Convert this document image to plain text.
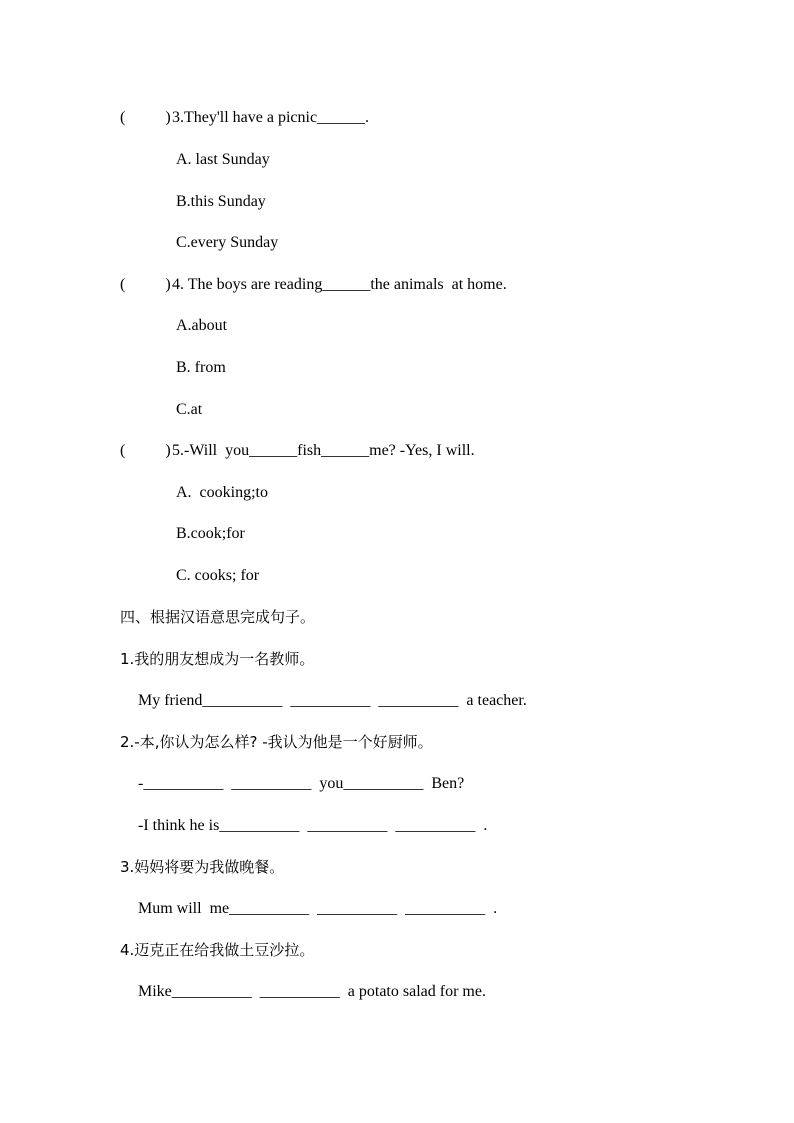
(          ) 3.They'll have a picnic______.
A. last Sunday
B.this Sunday
C.every Sunday
(          ) 4. The boys are reading______the animals  at home.
A.about
B. from
C.at
(          ) 5.-Will  you______fish______me? -Yes, I will.
A.  cooking;to
B.cook;for
C. cooks; for
四、根据汉语意思完成句子。
1.我的朋友想成为一名教师。
My friend__________  __________  __________  a teacher.
2.-本,你认为怎么样? -我认为他是一个好厨师。
-__________  __________  you__________  Ben?
-I think he is__________  __________  __________  .
3.妈妈将要为我做晚餐。
Mum will  me__________  __________  __________  .
4.迈克正在给我做土豆沙拉。
Mike__________  __________  a potato salad for me.
